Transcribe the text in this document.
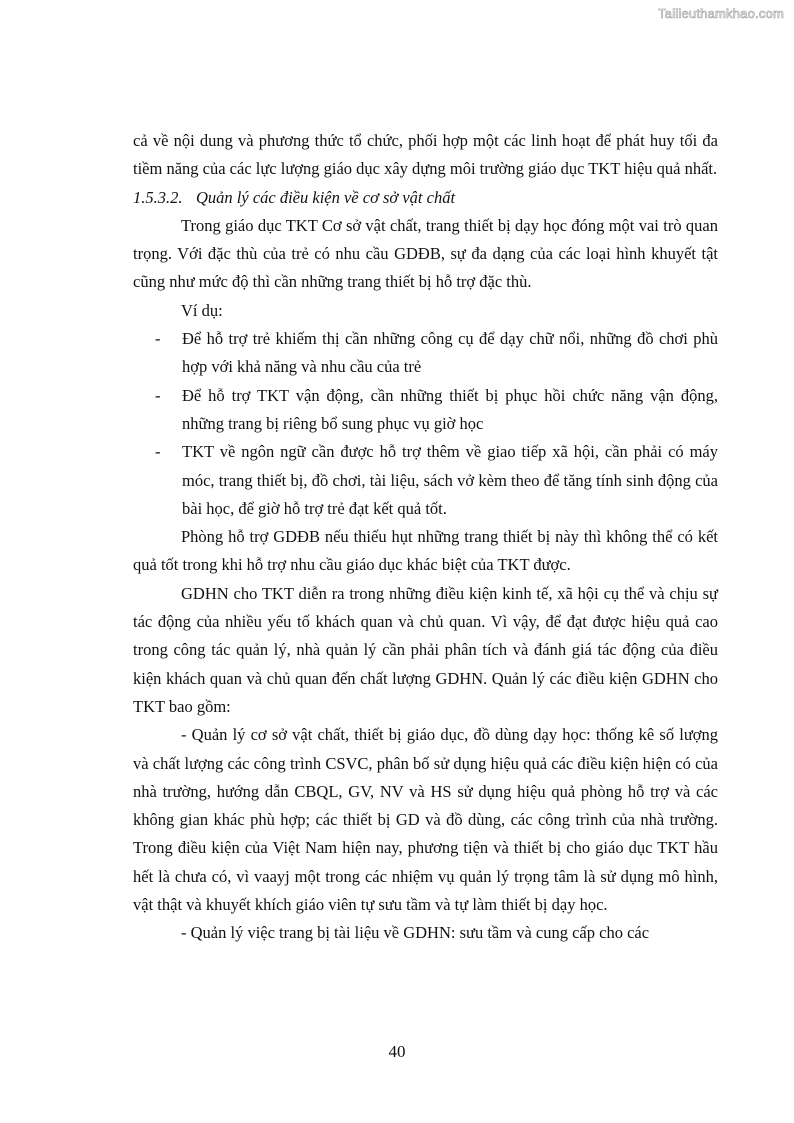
Tailieuthamkhao.com

cả về nội dung và phương thức tổ chức, phối hợp một các linh hoạt để phát huy tối đa tiềm năng của các lực lượng giáo dục xây dựng môi trường giáo dục TKT hiệu quả nhất.

1.5.3.2. Quản lý các điều kiện về cơ sở vật chất

Trong giáo dục TKT Cơ sở vật chất, trang thiết bị dạy học đóng một vai trò quan trọng. Với đặc thù của trẻ có nhu cầu GDĐB, sự đa dạng của các loại hình khuyết tật cũng như mức độ thì cần những trang thiết bị hỗ trợ đặc thù.

Ví dụ:

- Để hỗ trợ trẻ khiếm thị cần những công cụ để dạy chữ nổi, những đồ chơi phù hợp với khả năng và nhu cầu của trẻ

- Để hỗ trợ TKT vận động, cần những thiết bị phục hồi chức năng vận động, những trang bị riêng bổ sung phục vụ giờ học

- TKT về ngôn ngữ cần được hỗ trợ thêm về giao tiếp xã hội, cần phải có máy móc, trang thiết bị, đồ chơi, tài liệu, sách vở kèm theo để tăng tính sinh động của bài học, để giờ hỗ trợ trẻ đạt kết quả tốt.

Phòng hỗ trợ GDĐB nếu thiếu hụt những trang thiết bị này thì không thể có kết quả tốt trong khi hỗ trợ nhu cầu giáo dục khác biệt của TKT được.

GDHN cho TKT diễn ra trong những điều kiện kinh tế, xã hội cụ thể và chịu sự tác động của nhiều yếu tố khách quan và chủ quan. Vì vậy, để đạt được hiệu quả cao trong công tác quản lý, nhà quản lý cần phải phân tích và đánh giá tác động của điều kiện khách quan và chủ quan đến chất lượng GDHN. Quản lý các điều kiện GDHN cho TKT bao gồm:

- Quản lý cơ sở vật chất, thiết bị giáo dục, đồ dùng dạy học: thống kê số lượng và chất lượng các công trình CSVC, phân bố sử dụng hiệu quả các điều kiện hiện có của nhà trường, hướng dẫn CBQL, GV, NV và HS sử dụng hiệu quả phòng hỗ trợ và các không gian khác phù hợp; các thiết bị GD và đồ dùng, các công trình của nhà trường. Trong điều kiện của Việt Nam hiện nay, phương tiện và thiết bị cho giáo dục TKT hầu hết là chưa có, vì vaayj một trong các nhiệm vụ quản lý trọng tâm là sử dụng mô hình, vật thật và khuyết khích giáo viên tự sưu tầm và tự làm thiết bị dạy học.

- Quản lý việc trang bị tài liệu về GDHN: sưu tầm và cung cấp cho các

40
